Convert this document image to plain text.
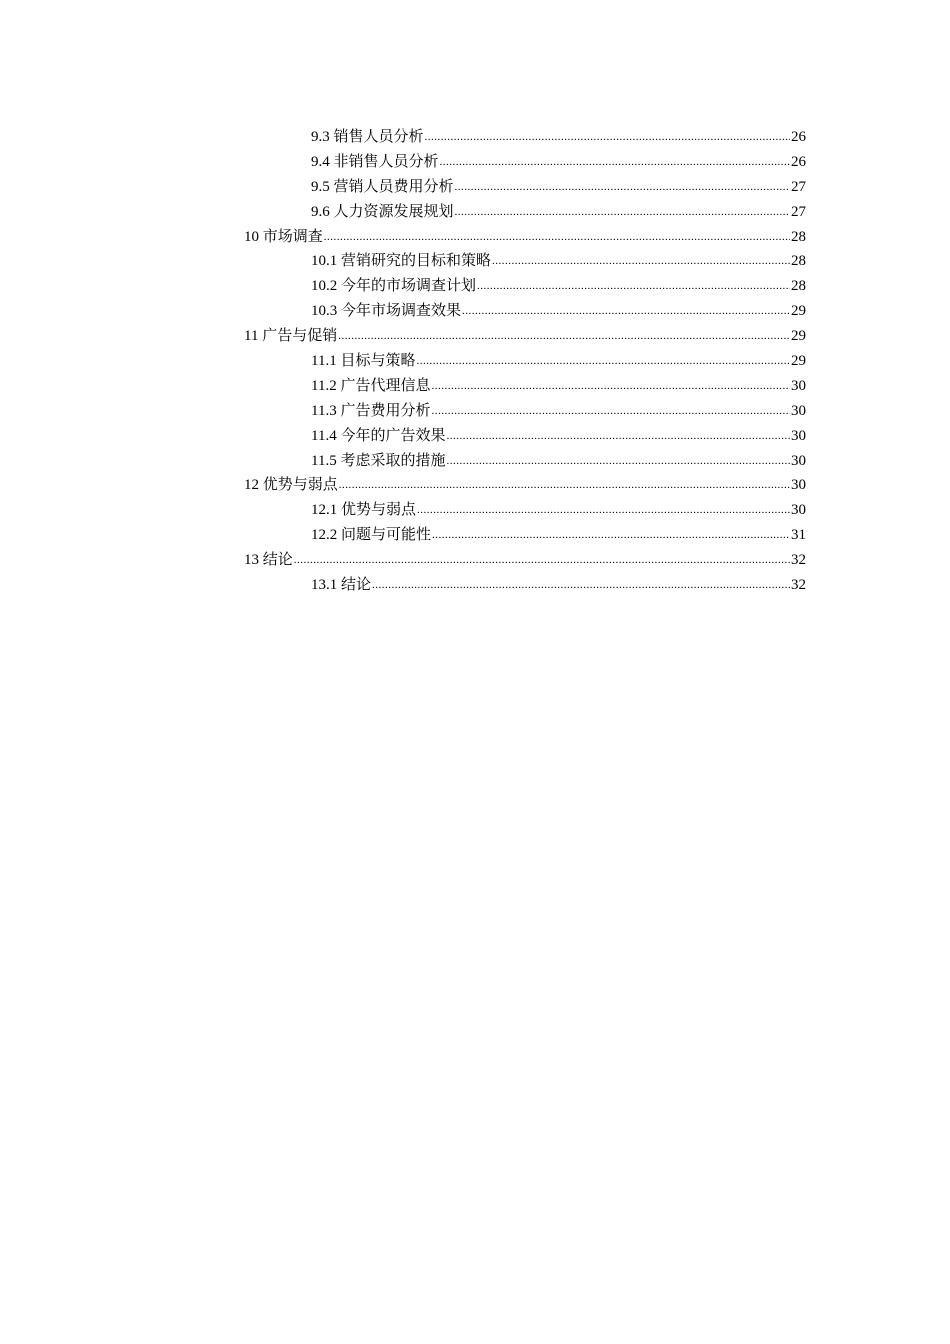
9.3 销售人员分析 .....	26
9.4 非销售人员分析 .....	26
9.5 营销人员费用分析 .....	27
9.6 人力资源发展规划 .....	27
10 市场调查 .....	28
10.1 营销研究的目标和策略 .....	28
10.2 今年的市场调查计划 .....	28
10.3 今年市场调查效果 .....	29
11 广告与促销 .....	29
11.1 目标与策略 .....	29
11.2 广告代理信息 .....	30
11.3 广告费用分析 .....	30
11.4 今年的广告效果 .....	30
11.5 考虑采取的措施 .....	30
12 优势与弱点 .....	30
12.1 优势与弱点 .....	30
12.2 问题与可能性 .....	31
13 结论 .....	32
13.1 结论 .....	32
